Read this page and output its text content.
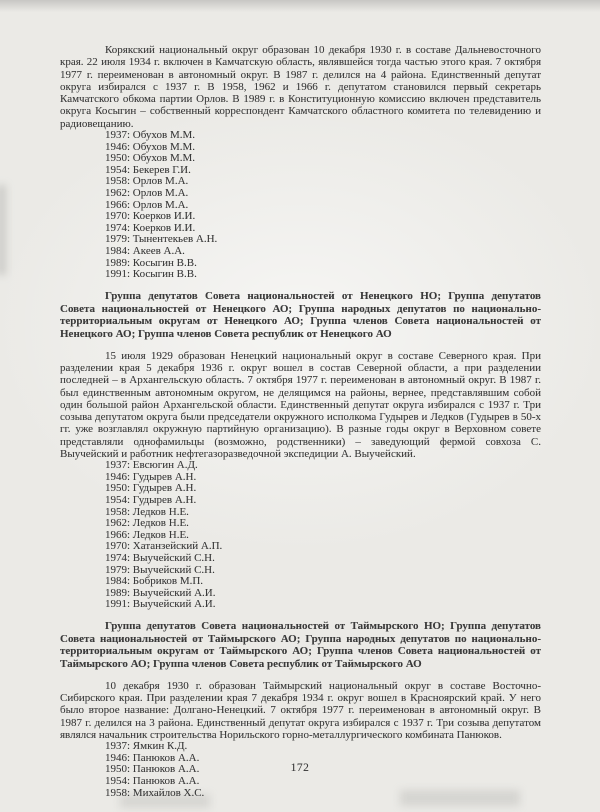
Корякский национальный округ образован 10 декабря 1930 г. в составе Дальневосточного края. 22 июля 1934 г. включен в Камчатскую область, являвшейся тогда частью этого края. 7 октября 1977 г. переименован в автономный округ. В 1987 г. делился на 4 района. Единственный депутат округа избирался с 1937 г. В 1958, 1962 и 1966 г. депутатом становился первый секретарь Камчатского обкома партии Орлов. В 1989 г. в Конституционную комиссию включен представитель округа Косыгин – собственный корреспондент Камчатского областного комитета по телевидению и радиовещанию.

1937: Обухов М.М.
1946: Обухов М.М.
1950: Обухов М.М.
1954: Бекерев Г.И.
1958: Орлов М.А.
1962: Орлов М.А.
1966: Орлов М.А.
1970: Коерков И.И.
1974: Коерков И.И.
1979: Тынентекьев А.Н.
1984: Акеев А.А.
1989: Косыгин В.В.
1991: Косыгин В.В.

Группа депутатов Совета национальностей от Ненецкого НО; Группа депутатов Совета национальностей от Ненецкого АО; Группа народных депутатов по национально-территориальным округам от Ненецкого АО; Группа членов Совета национальностей от Ненецкого АО; Группа членов Совета республик от Ненецкого АО

15 июля 1929 образован Ненецкий национальный округ в составе Северного края. При разделении края 5 декабря 1936 г. округ вошел в состав Северной области, а при разделении последней – в Архангельскую область. 7 октября 1977 г. переименован в автономный округ. В 1987 г. был единственным автономным округом, не делящимся на районы, вернее, представлявшим собой один большой район Архангельской области. Единственный депутат округа избирался с 1937 г. Три созыва депутатом округа были председатели окружного исполкома Гудырев и Ледков (Гудырев в 50-х гг. уже возглавлял окружную партийную организацию). В разные годы округ в Верховном совете представляли однофамильцы (возможно, родственники) – заведующий фермой совхоза С. Выучейский и работник нефтегазоразведочной экспедиции А. Выучейский.

1937: Евсюгин А.Д.
1946: Гудырев А.Н.
1950: Гудырев А.Н.
1954: Гудырев А.Н.
1958: Ледков Н.Е.
1962: Ледков Н.Е.
1966: Ледков Н.Е.
1970: Хатанзейский А.П.
1974: Выучейский С.Н.
1979: Выучейский С.Н.
1984: Бобриков М.П.
1989: Выучейский А.И.
1991: Выучейский А.И.

Группа депутатов Совета национальностей от Таймырского НО; Группа депутатов Совета национальностей от Таймырского АО; Группа народных депутатов по национально-территориальным округам от Таймырского АО; Группа членов Совета национальностей от Таймырского АО; Группа членов Совета республик от Таймырского АО

10 декабря 1930 г. образован Таймырский национальный округ в составе Восточно-Сибирского края. При разделении края 7 декабря 1934 г. округ вошел в Красноярский край. У него было второе название: Долгано-Ненецкий. 7 октября 1977 г. переименован в автономный округ. В 1987 г. делился на 3 района. Единственный депутат округа избирался с 1937 г. Три созыва депутатом являлся начальник строительства Норильского горно-металлургического комбината Панюков.

1937: Ямкин К.Д.
1946: Панюков А.А.
1950: Панюков А.А.
1954: Панюков А.А.
1958: Михайлов Х.С.
172
